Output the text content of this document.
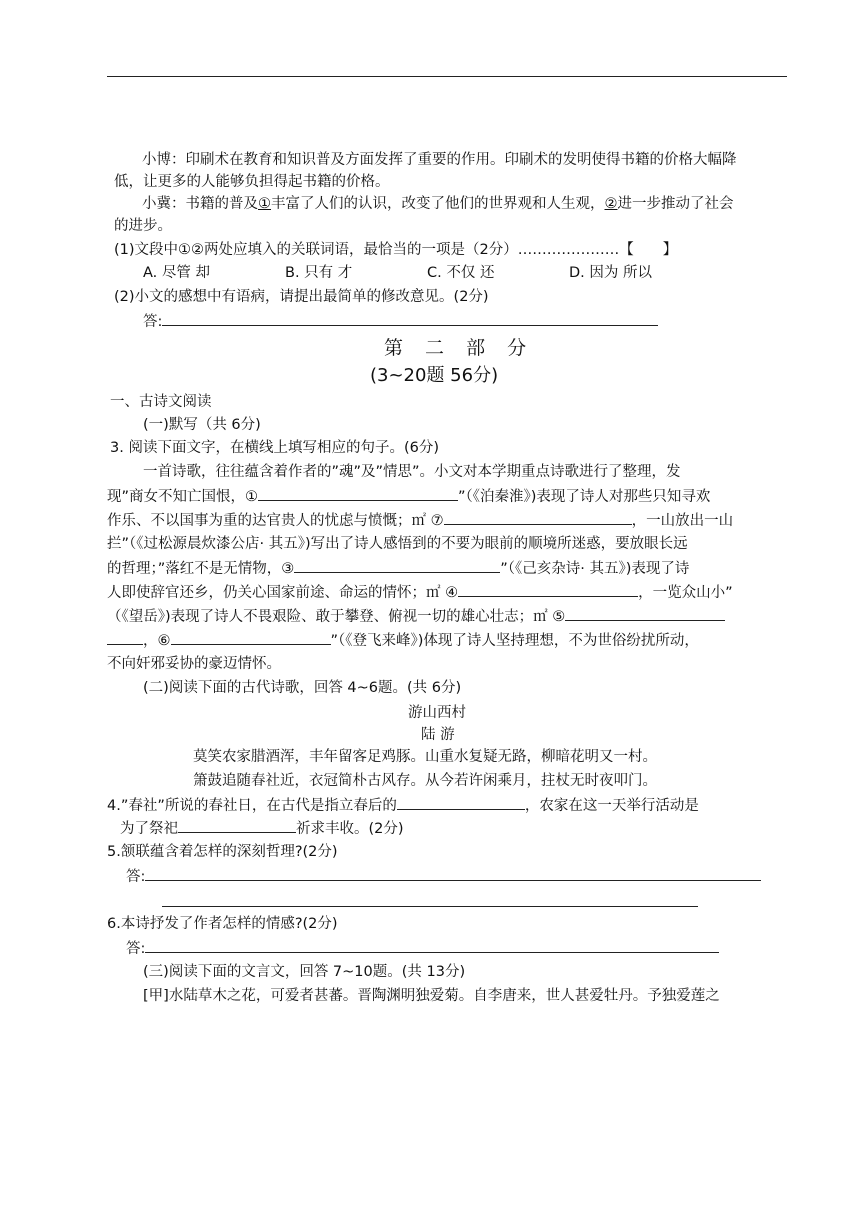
小博：印刷术在教育和知识普及方面发挥了重要的作用。印刷术的发明使得书籍的价格大幅降
低，让更多的人能够负担得起书籍的价格。
小冀：书籍的普及①丰富了人们的认识，改变了他们的世界观和人生观，②进一步推动了社会
的进步。
(1)文段中①②两处应填入的关联词语，最恰当的一项是（2分）…………………【　　】
A. 尽管 却	B. 只有 才	C. 不仅 还	D. 因为 所以
(2)小文的感想中有语病，请提出最简单的修改意见。(2分)
答:
第 二 部 分
(3~20题 56分)
一、古诗文阅读
(一)默写（共 6分)
3. 阅读下面文字，在横线上填写相应的句子。(6分)
一首诗歌，往往蕴含着作者的”魂”及”情思”。小文对本学期重点诗歌进行了整理，发
现”商女不知亡国恨，①	”（《泊秦淮》)表现了诗人对那些只知寻欢
作乐、不以国事为重的达官贵人的忧虑与愤慨；㎡ ⑦	，一山放出一山
拦”（《过松源晨炊漆公店· 其五》)写出了诗人感悟到的不要为眼前的顺境所迷惑，要放眼长远
的哲理；”落红不是无情物，③	”（《己亥杂诗· 其五》)表现了诗
人即使辞官还乡，仍关心国家前途、命运的情怀；㎡ ④	，一览众山小”
（《望岳》)表现了诗人不畏艰险、敢于攀登、俯视一切的雄心壮志；㎡ ⑤
，⑥	”（《登飞来峰》)体现了诗人坚持理想，不为世俗纷扰所动，
不向奸邪妥协的豪迈情怀。
(二)阅读下面的古代诗歌，回答 4~6题。(共 6分)
游山西村
陆 游
莫笑农家腊酒浑，丰年留客足鸡豚。山重水复疑无路，柳暗花明又一村。
箫鼓追随春社近，衣冠简朴古风存。从今若许闲乘月，拄杖无时夜叩门。
4.”春社”所说的春社日，在古代是指立春后的	，农家在这一天举行活动是
为了祭祀	祈求丰收。(2分)
5.颔联蕴含着怎样的深刻哲理?(2分)
答:
6.本诗抒发了作者怎样的情感?(2分)
答:
(三)阅读下面的文言文，回答 7~10题。(共 13分)
[甲]水陆草木之花，可爱者甚蕃。晋陶渊明独爱菊。自李唐来，世人甚爱牡丹。予独爱莲之
